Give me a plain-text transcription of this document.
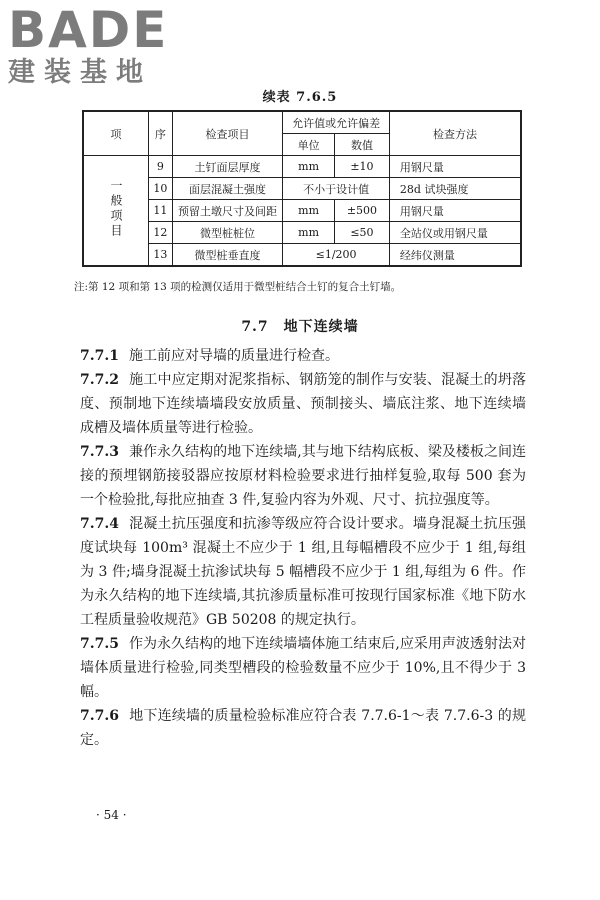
BADE
建装基地
续表 7.6.5
项	序	检查项目	允许值或允许偏差		检查方法
			单位	数值	
一般项目	9	土钉面层厚度	mm	±10	用钢尺量
	10	面层混凝土强度	不小于设计值		28d 试块强度
	11	预留土墩尺寸及间距	mm	±500	用钢尺量
	12	微型桩桩位	mm	≤50	全站仪或用钢尺量
	13	微型桩垂直度	≤1/200		经纬仪测量
注:第 12 项和第 13 项的检测仅适用于微型桩结合土钉的复合土钉墙。
7.7　地下连续墙

7.7.1 施工前应对导墙的质量进行检查。

7.7.2 施工中应定期对泥浆指标、钢筋笼的制作与安装、混凝土的坍落度、预制地下连续墙墙段安放质量、预制接头、墙底注浆、地下连续墙成槽及墙体质量等进行检验。

7.7.3 兼作永久结构的地下连续墙,其与地下结构底板、梁及楼板之间连接的预埋钢筋接驳器应按原材料检验要求进行抽样复验,取每 500 套为一个检验批,每批应抽查 3 件,复验内容为外观、尺寸、抗拉强度等。

7.7.4 混凝土抗压强度和抗渗等级应符合设计要求。墙身混凝土抗压强度试块每 100m³ 混凝土不应少于 1 组,且每幅槽段不应少于 1 组,每组为 3 件;墙身混凝土抗渗试块每 5 幅槽段不应少于 1 组,每组为 6 件。作为永久结构的地下连续墙,其抗渗质量标准可按现行国家标准《地下防水工程质量验收规范》GB 50208 的规定执行。

7.7.5 作为永久结构的地下连续墙墙体施工结束后,应采用声波透射法对墙体质量进行检验,同类型槽段的检验数量不应少于 10%,且不得少于 3 幅。

7.7.6 地下连续墙的质量检验标准应符合表 7.7.6-1～表 7.7.6-3 的规定。

· 54 ·
